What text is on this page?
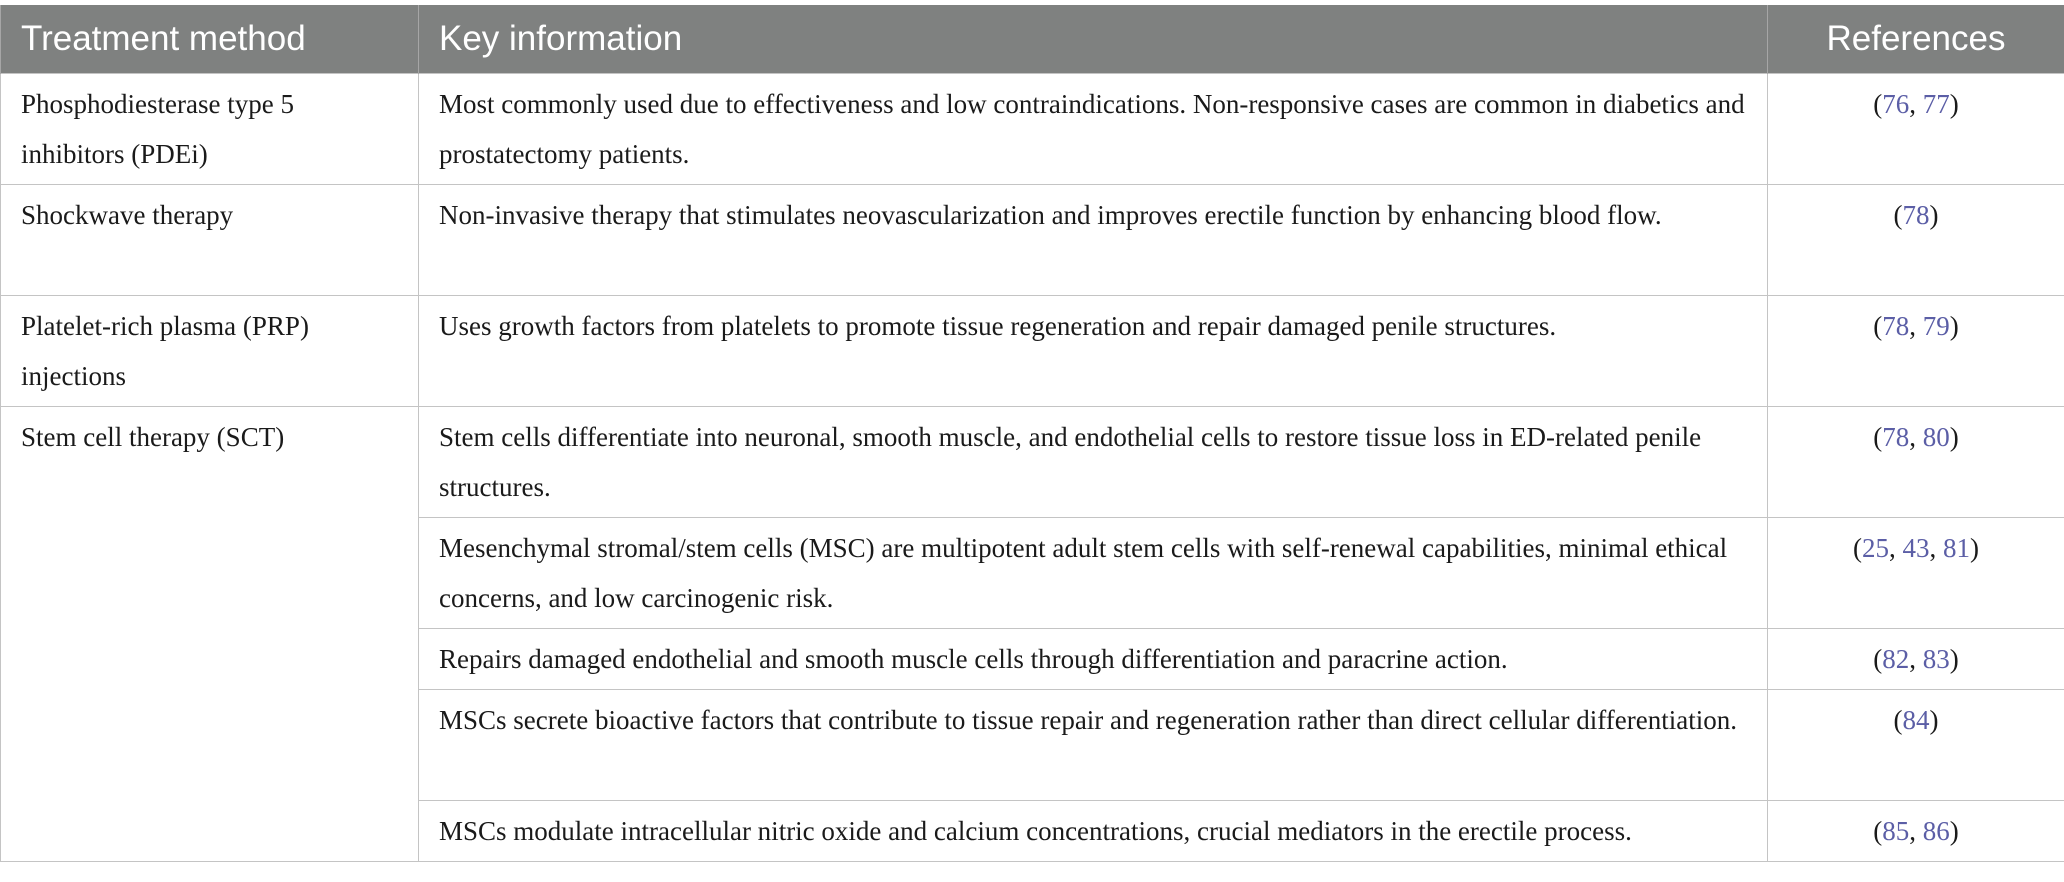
Treatment method	Key information	References
Phosphodiesterase type 5 inhibitors (PDEi)	Most commonly used due to effectiveness and low contraindications. Non-responsive cases are common in diabetics and prostatectomy patients.	(76, 77)
Shockwave therapy	Non-invasive therapy that stimulates neovascularization and improves erectile function by enhancing blood flow.	(78)
Platelet-rich plasma (PRP) injections	Uses growth factors from platelets to promote tissue regeneration and repair damaged penile structures.	(78, 79)
Stem cell therapy (SCT)	Stem cells differentiate into neuronal, smooth muscle, and endothelial cells to restore tissue loss in ED-related penile structures.	(78, 80)
	Mesenchymal stromal/stem cells (MSC) are multipotent adult stem cells with self-renewal capabilities, minimal ethical concerns, and low carcinogenic risk.	(25, 43, 81)
	Repairs damaged endothelial and smooth muscle cells through differentiation and paracrine action.	(82, 83)
	MSCs secrete bioactive factors that contribute to tissue repair and regeneration rather than direct cellular differentiation.	(84)
	MSCs modulate intracellular nitric oxide and calcium concentrations, crucial mediators in the erectile process.	(85, 86)
